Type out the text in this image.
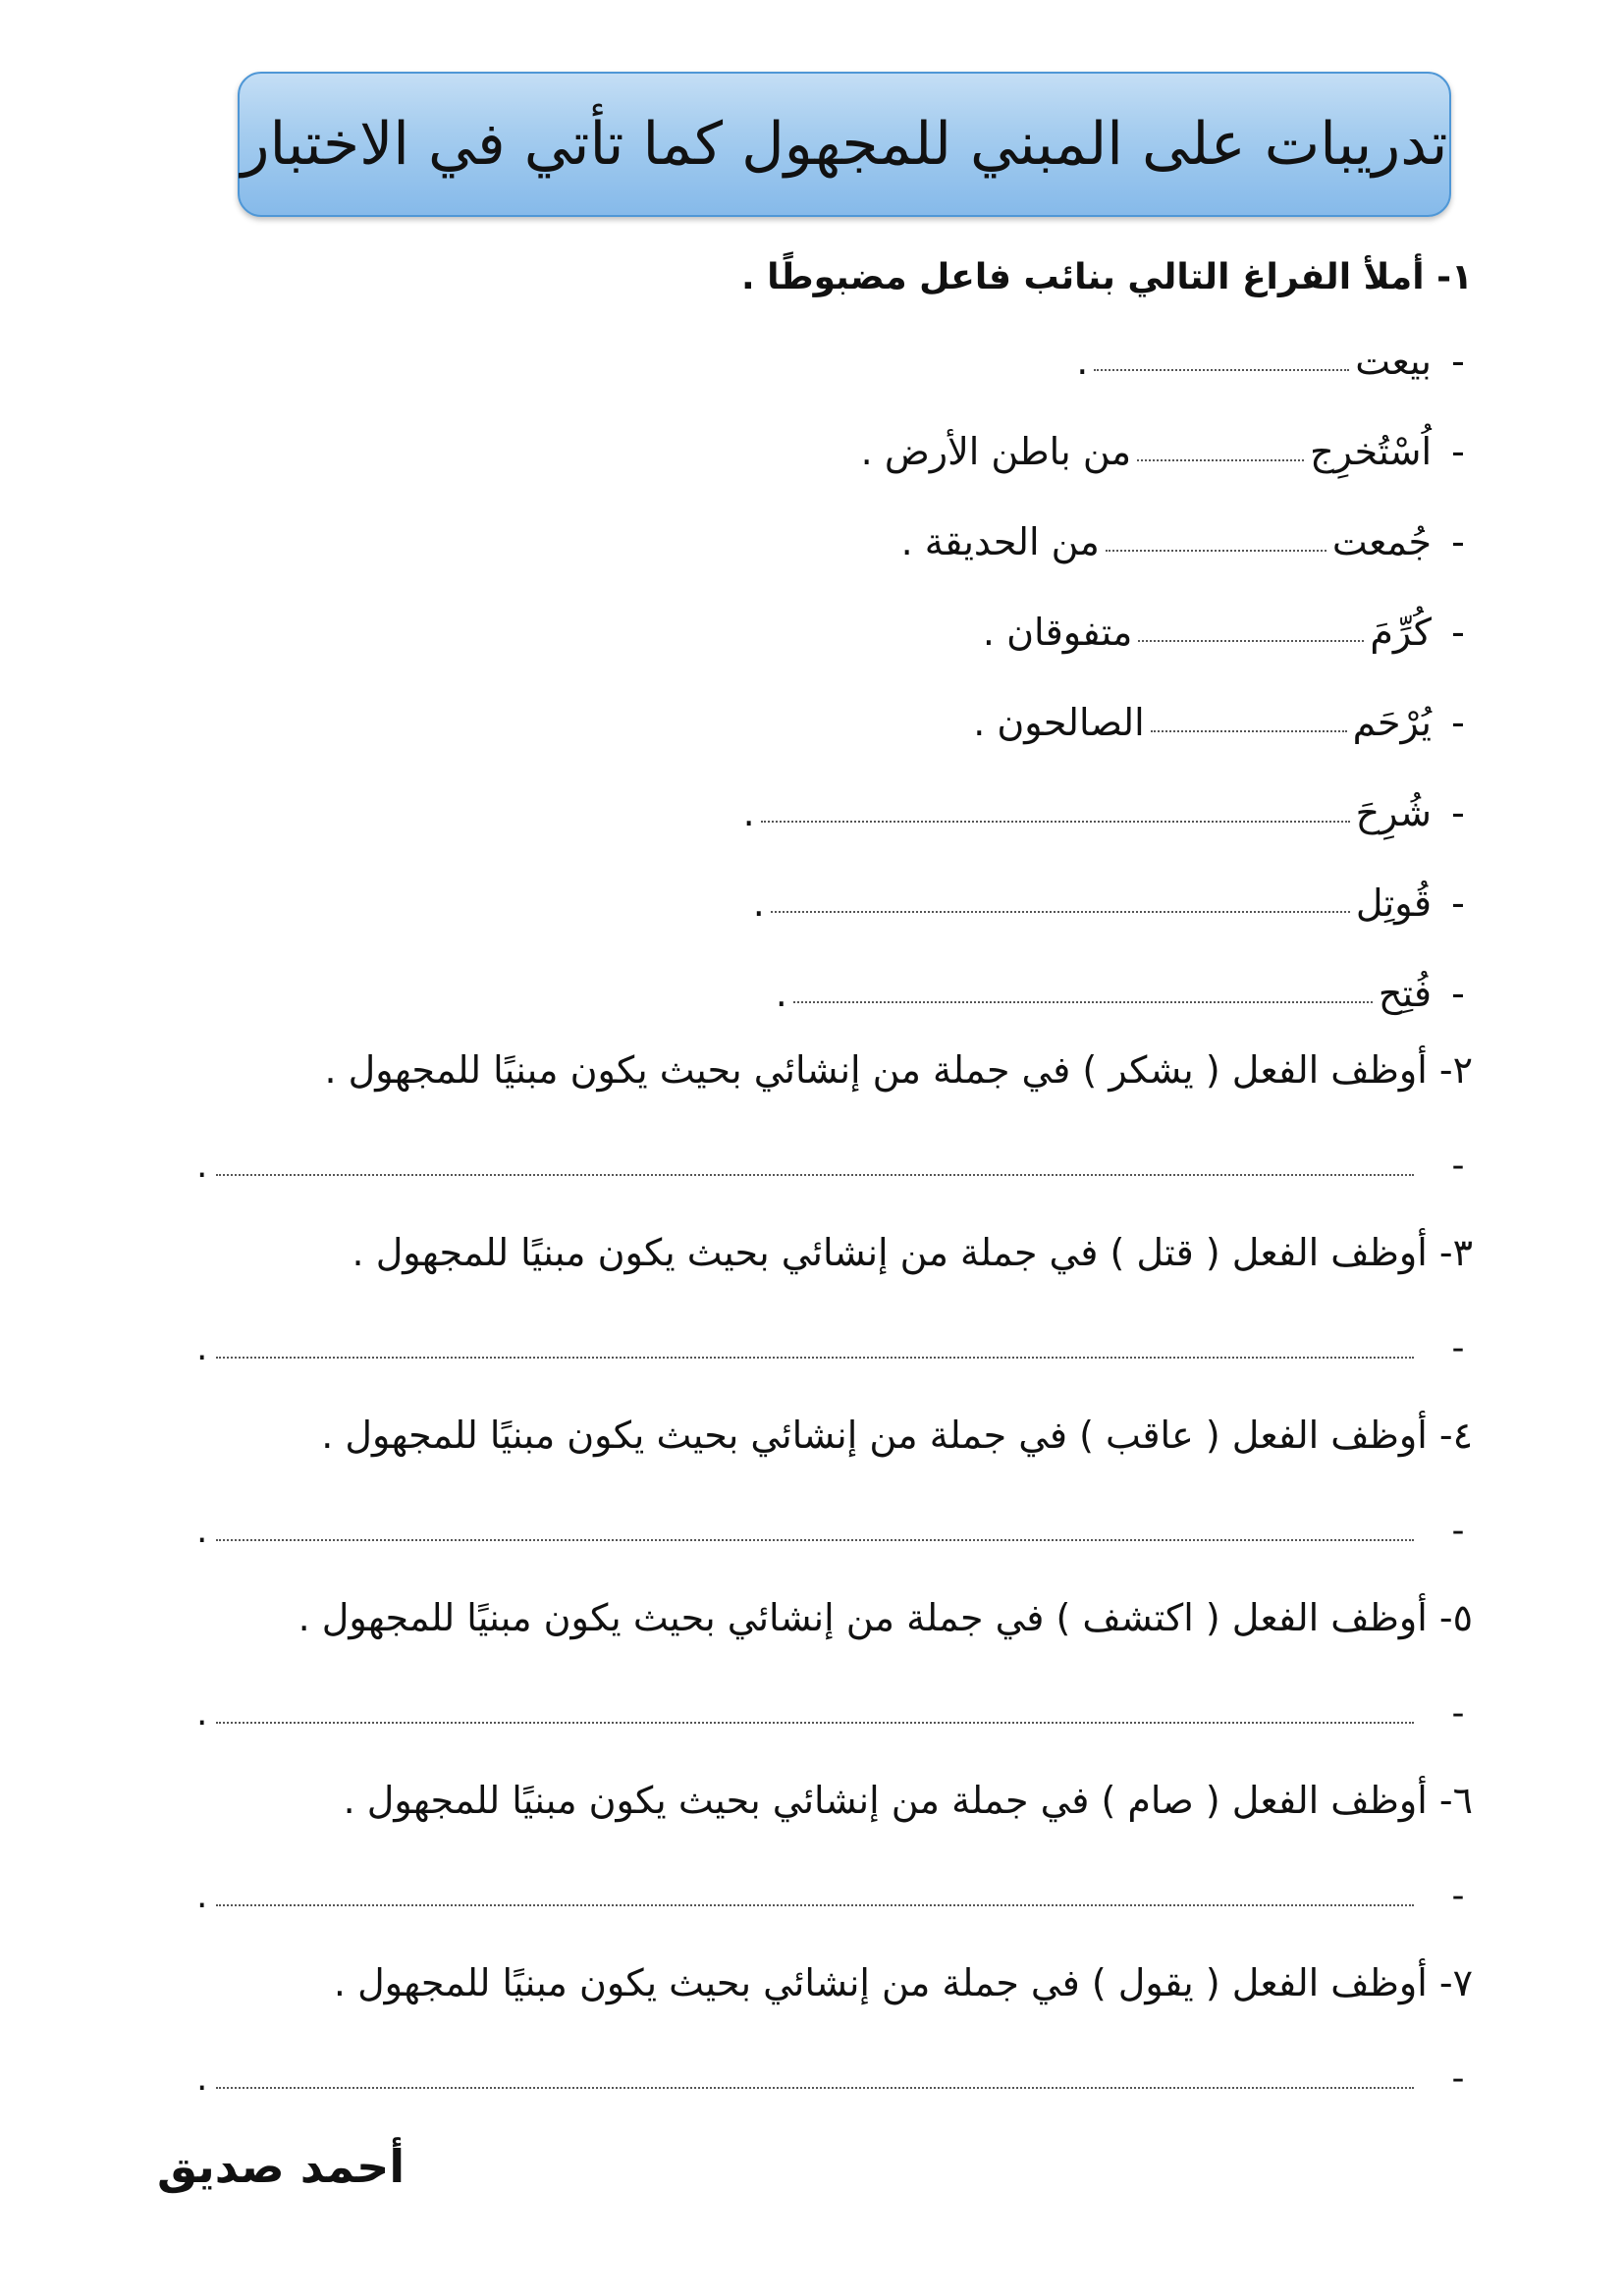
تدريبات على المبني للمجهول كما تأتي في الاختبار
١- أملأ الفراغ التالي بنائب فاعل مضبوطًا .
-
بيعت
.
-
اُسْتُخرِج
من باطن الأرض .
-
جُمعت
من الحديقة .
-
كُرِّمَ
متفوقان .
-
يُرْحَم
الصالحون .
-
شُرِحَ
.
-
قُوتِل
.
-
فُتِح
.
٢- أوظف الفعل ( يشكر ) في جملة من إنشائي بحيث يكون مبنيًا للمجهول .
-
.
٣- أوظف الفعل ( قتل ) في جملة من إنشائي بحيث يكون مبنيًا للمجهول .
-
.
٤- أوظف الفعل ( عاقب ) في جملة من إنشائي بحيث يكون مبنيًا للمجهول .
-
.
٥- أوظف الفعل ( اكتشف ) في جملة من إنشائي بحيث يكون مبنيًا للمجهول .
-
.
٦- أوظف الفعل ( صام ) في جملة من إنشائي بحيث يكون مبنيًا للمجهول .
-
.
٧- أوظف الفعل ( يقول ) في جملة من إنشائي بحيث يكون مبنيًا للمجهول .
-
.
أحمد صديق
